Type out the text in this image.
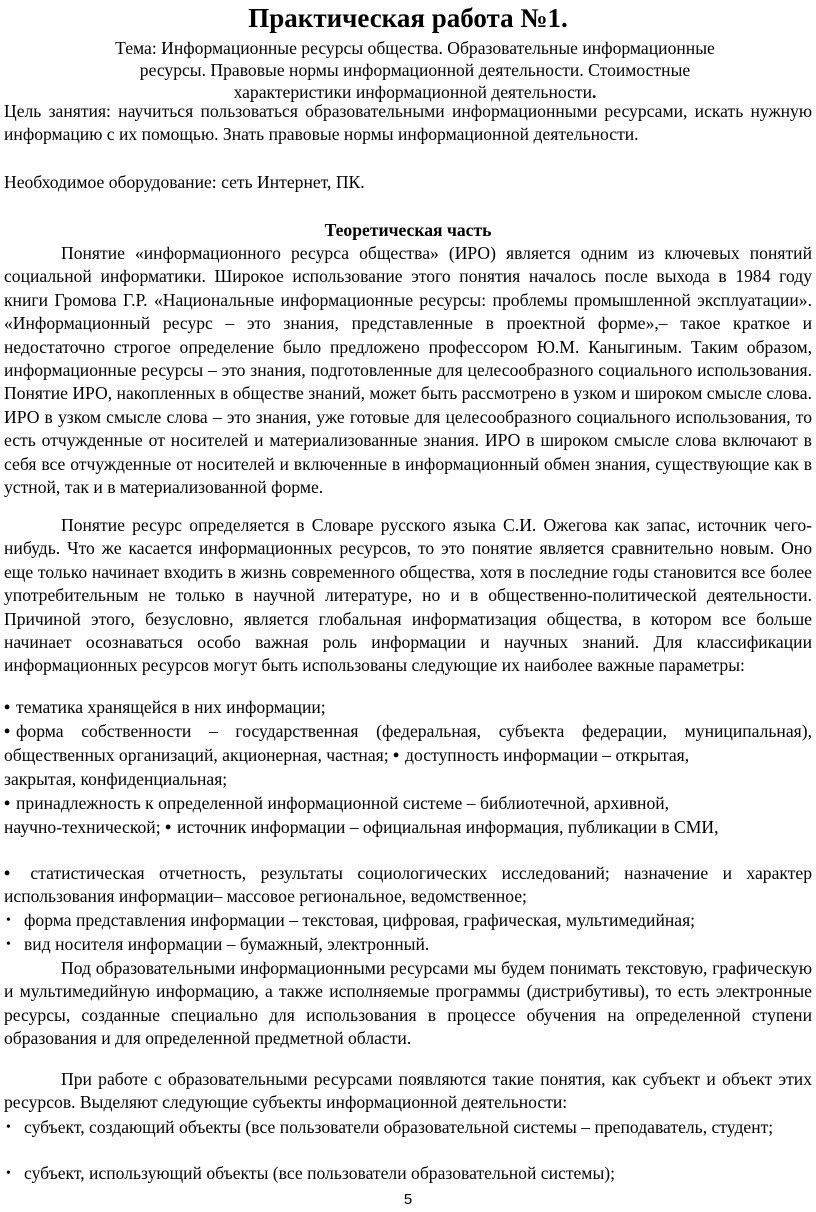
Практическая работа №1.
Тема: Информационные ресурсы общества. Образовательные информационные ресурсы. Правовые нормы информационной деятельности. Стоимостные характеристики информационной деятельности.
Цель занятия: научиться пользоваться образовательными информационными ресурсами, искать нужную информацию с их помощью. Знать правовые нормы информационной деятельности.
Необходимое оборудование: сеть Интернет, ПК.
Теоретическая часть
Понятие «информационного ресурса общества» (ИРО) является одним из ключевых понятий социальной информатики. Широкое использование этого понятия началось после выхода в 1984 году книги Громова Г.Р. «Национальные информационные ресурсы: проблемы промышленной эксплуатации». «Информационный ресурс – это знания, представленные в проектной форме»,– такое краткое и недостаточно строгое определение было предложено профессором Ю.М. Каныгиным. Таким образом, информационные ресурсы – это знания, подготовленные для целесообразного социального использования. Понятие ИРО, накопленных в обществе знаний, может быть рассмотрено в узком и широком смысле слова. ИРО в узком смысле слова – это знания, уже готовые для целесообразного социального использования, то есть отчужденные от носителей и материализованные знания. ИРО в широком смысле слова включают в себя все отчужденные от носителей и включенные в информационный обмен знания, существующие как в устной, так и в материализованной форме.
Понятие ресурс определяется в Словаре русского языка С.И. Ожегова как запас, источник чего-нибудь. Что же касается информационных ресурсов, то это понятие является сравнительно новым. Оно еще только начинает входить в жизнь современного общества, хотя в последние годы становится все более употребительным не только в научной литературе, но и в общественно-политической деятельности. Причиной этого, безусловно, является глобальная информатизация общества, в котором все больше начинает осознаваться особо важная роль информации и научных знаний. Для классификации информационных ресурсов могут быть использованы следующие их наиболее важные параметры:
• тематика хранящейся в них информации;
• форма собственности – государственная (федеральная, субъекта федерации, муниципальная),
общественных организаций, акционерная, частная; • доступность информации – открытая,
закрытая, конфиденциальная;
• принадлежность к определенной информационной системе – библиотечной, архивной,
научно-технической; • источник информации – официальная информация, публикации в СМИ,
• статистическая отчетность, результаты социологических исследований; назначение и характер использования информации– массовое региональное, ведомственное;
• форма представления информации – текстовая, цифровая, графическая, мультимедийная;
• вид носителя информации – бумажный, электронный.
Под образовательными информационными ресурсами мы будем понимать текстовую, графическую и мультимедийную информацию, а также исполняемые программы (дистрибутивы), то есть электронные ресурсы, созданные специально для использования в процессе обучения на определенной ступени образования и для определенной предметной области.
При работе с образовательными ресурсами появляются такие понятия, как субъект и объект этих ресурсов. Выделяют следующие субъекты информационной деятельности:
• субъект, создающий объекты (все пользователи образовательной системы – преподаватель, студент;
• субъект, использующий объекты (все пользователи образовательной системы);
5
